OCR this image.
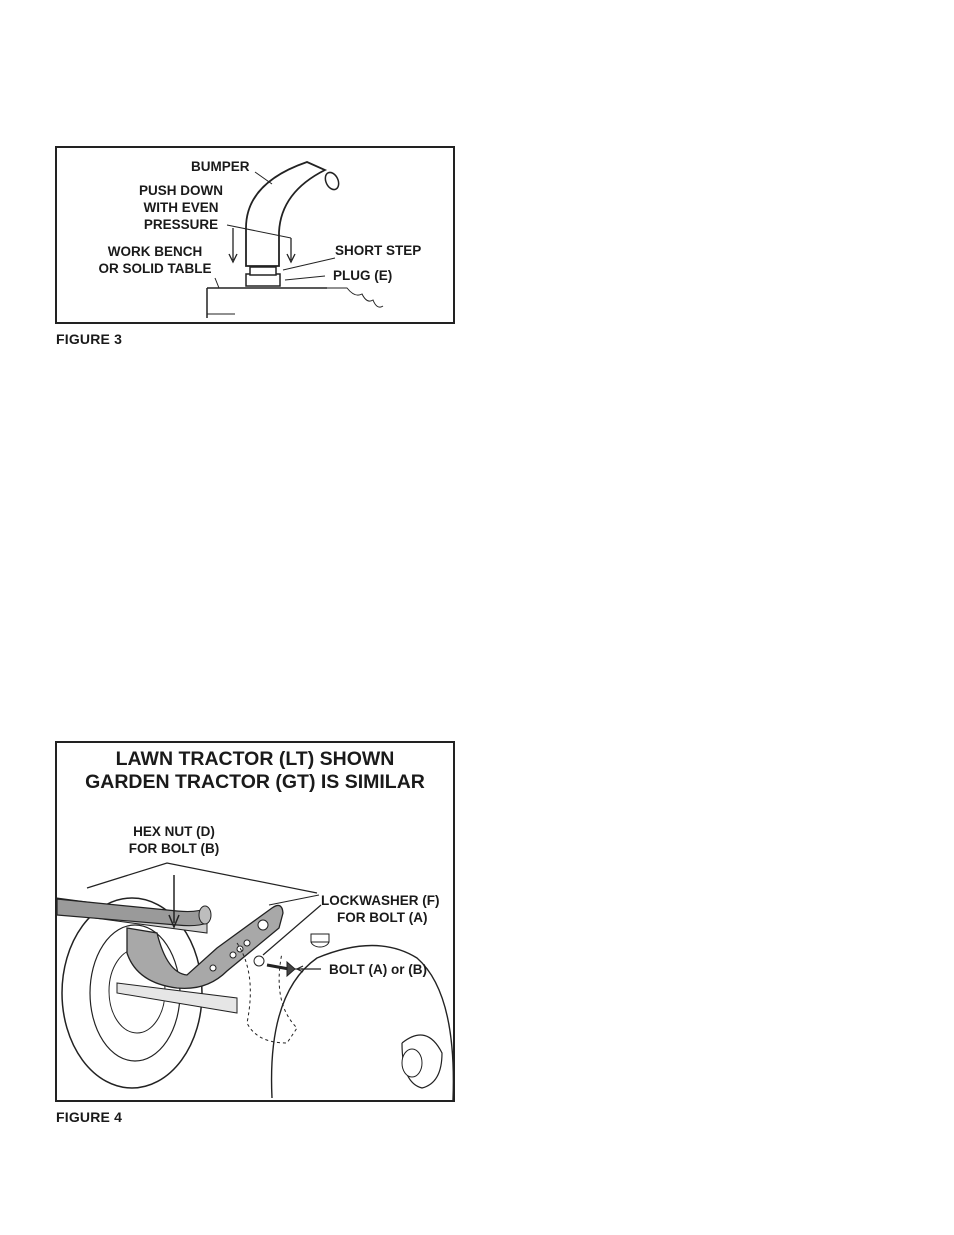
BUMPER
PUSH DOWN
WITH EVEN
PRESSURE
WORK BENCH
OR SOLID TABLE
SHORT STEP
PLUG (E)
FIGURE 3
LAWN TRACTOR (LT) SHOWN
GARDEN TRACTOR (GT) IS SIMILAR
HEX NUT (D)
FOR BOLT (B)
LOCKWASHER (F)
FOR BOLT (A)
BOLT (A) or (B)
FIGURE 4
